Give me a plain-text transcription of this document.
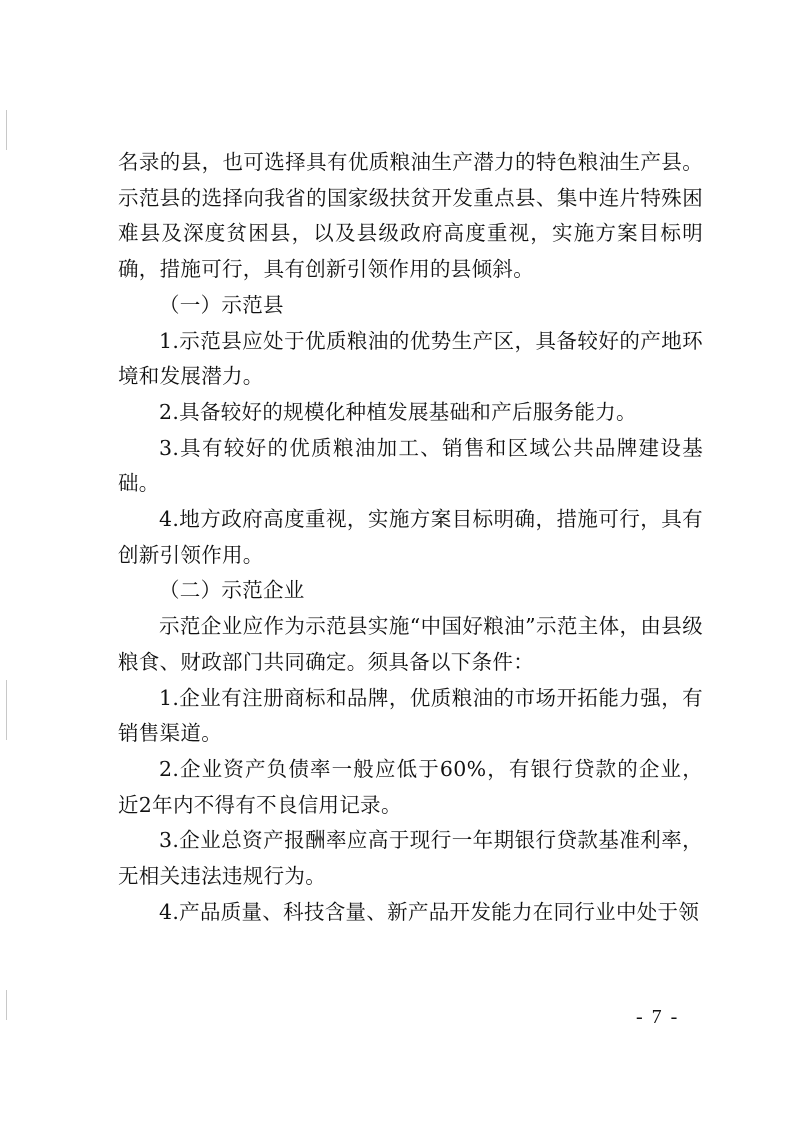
名录的县，也可选择具有优质粮油生产潜力的特色粮油生产县。示范县的选择向我省的国家级扶贫开发重点县、集中连片特殊困难县及深度贫困县，以及县级政府高度重视，实施方案目标明确，措施可行，具有创新引领作用的县倾斜。

（一）示范县

1.示范县应处于优质粮油的优势生产区，具备较好的产地环境和发展潜力。

2.具备较好的规模化种植发展基础和产后服务能力。

3.具有较好的优质粮油加工、销售和区域公共品牌建设基础。

4.地方政府高度重视，实施方案目标明确，措施可行，具有创新引领作用。

（二）示范企业

示范企业应作为示范县实施“中国好粮油”示范主体，由县级粮食、财政部门共同确定。须具备以下条件：

1.企业有注册商标和品牌，优质粮油的市场开拓能力强，有销售渠道。

2.企业资产负债率一般应低于60%，有银行贷款的企业，近2年内不得有不良信用记录。

3.企业总资产报酬率应高于现行一年期银行贷款基准利率，无相关违法违规行为。

4.产品质量、科技含量、新产品开发能力在同行业中处于领

- 7 -
